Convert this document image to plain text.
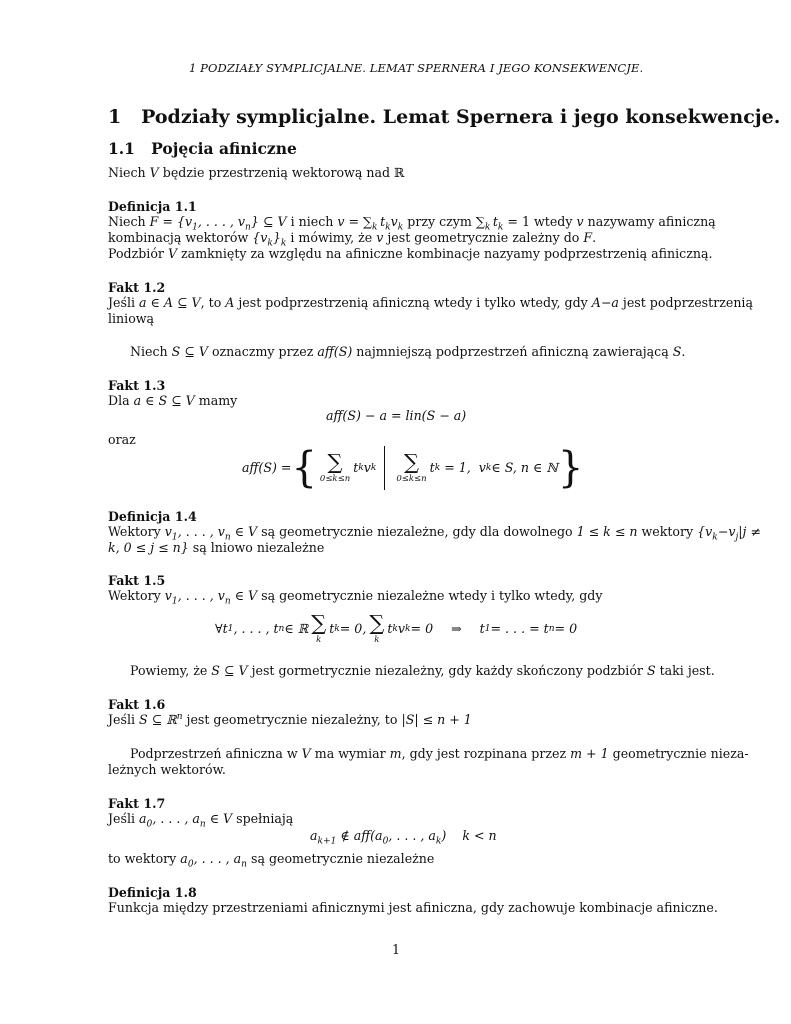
1 PODZIAŁY SYMPLICJALNE. LEMAT SPERNERA I JEGO KONSEKWENCJE.
1 Podziały symplicjalne. Lemat Spernera i jego konsekwencje.
1.1 Pojęcia afiniczne
Niech V będzie przestrzenią wektorową nad ℝ
Definicja 1.1
Niech $F = \{v_1$, . . . , $v_n$} ⊆ V i niech $v = \sum_k$  $t_kv_k$ przy czym $\sum_k$  $t_k = 1$ wtedy v nazywamy afiniczną
kombinacją wektorów $\{v_k\}_k$ i mówimy, że v jest geometrycznie zależny do F.
Podzbiór V zamknięty za względu na afiniczne kombinacje nazyamy podprzestrzenią afiniczną.
Fakt 1.2
Jeśli a ∈ A ⊆ V, to A jest podprzestrzenią afiniczną wtedy i tylko wtedy, gdy A−a jest podprzestrzenią
liniową
Niech S ⊆ V oznaczmy przez aff(S) najmniejszą podprzestrzeń afiniczną zawierającą S.
Fakt 1.3
Dla a ∈ S ⊆ V mamy
aff(S) − a = lin(S − a)
oraz
aff(S) = { ∑
0≤k≤n
t k v k ∑
0≤k≤n
t k = 1,  v k ∈ S, n ∈ ℕ }
Definicja 1.4
Wektory $v_1$, . . . , $v_n$ ∈ V są geometrycznie niezależne, gdy dla dowolnego 1 ≤ k ≤ n wektory {$v_k-v_j|j$ ≠
k, 0 ≤ j ≤ n} są lniowo niezależne
Fakt 1.5
Wektory $v_1$, . . . , $v_n$ ∈ V są geometrycznie niezależne wtedy i tylko wtedy, gdy
∀t 1 , . . . , t n ∈ ℝ ∑
k
t k = 0, ∑
k
t k v k = 0 ⇒ t 1 = . . . = t n = 0
Powiemy, że S ⊆ V jest gormetrycznie niezależny, gdy każdy skończony podzbiór S taki jest.
Fakt 1.6
Jeśli S ⊆ ℝ$^n$ jest geometrycznie niezależny, to |S| ≤ n + 1
Podprzestrzeń afiniczna w V ma wymiar m, gdy jest rozpinana przez m + 1 geometrycznie nieza-
leżnych wektorów.
Fakt 1.7
Jeśli $a_0$, . . . , $a_n$ ∈ V spełniają
$a_{k+1}$ ∉ $aff(a_0$, . . . , $a_k$) k < n
to wektory $a_0$, . . . , $a_n$ są geometrycznie niezależne
Definicja 1.8
Funkcja między przestrzeniami afinicznymi jest afiniczna, gdy zachowuje kombinacje afiniczne.
1
